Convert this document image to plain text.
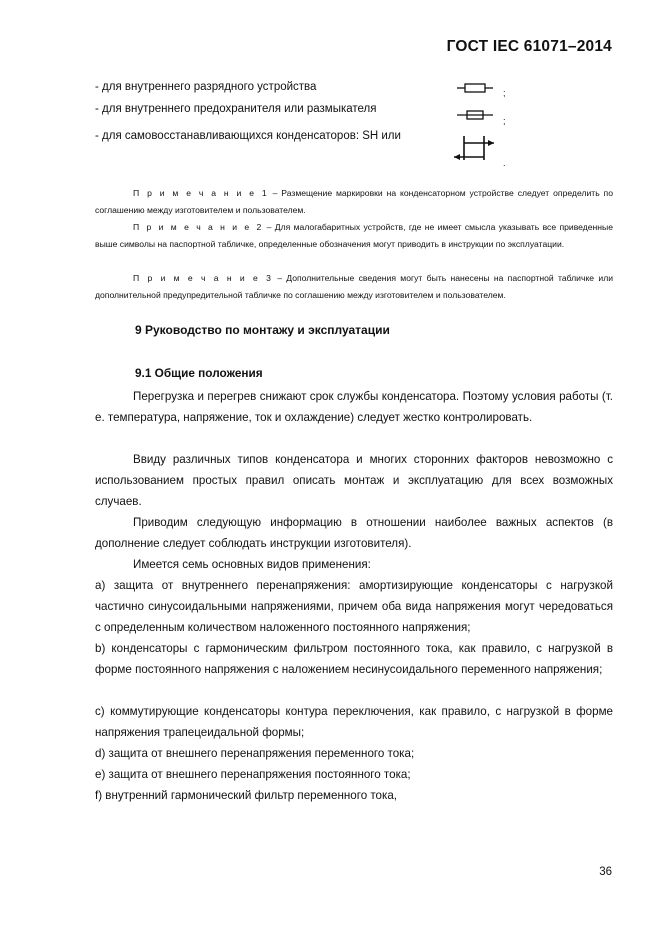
ГОСТ IEC 61071–2014
- для внутреннего разрядного устройства	;
- для внутреннего предохранителя или размыкателя
;
- для самовосстанавливающихся конденсаторов: SH или
.
П р и м е ч а н и е 1 – Размещение маркировки на конденсаторном устройстве следует определить по соглашению между изготовителем и пользователем.
П р и м е ч а н и е 2 – Для малогабаритных устройств, где не имеет смысла указывать все приведенные выше символы на паспортной табличке, определенные обозначения могут приводить в инструкции по эксплуатации.
П р и м е ч а н и е 3 – Дополнительные сведения могут быть нанесены на паспортной табличке или дополнительной предупредительной табличке по соглашению между изготовителем и пользователем.
9 Руководство по монтажу и эксплуатации
9.1 Общие положения
Перегрузка и перегрев снижают срок службы конденсатора. Поэтому условия работы (т. е. температура, напряжение, ток и охлаждение) следует жестко контролировать.
Ввиду различных типов конденсатора и многих сторонних факторов невозможно с использованием простых правил описать монтаж и эксплуатацию для всех возможных случаев.
Приводим следующую информацию в отношении наиболее важных аспектов (в дополнение следует соблюдать инструкции изготовителя).
Имеется семь основных видов применения:
a) защита от внутреннего перенапряжения: амортизирующие конденсаторы с нагрузкой частично синусоидальными напряжениями, причем оба вида напряжения могут чередоваться с определенным количеством наложенного постоянного напряжения;
b) конденсаторы с гармоническим фильтром постоянного тока, как правило, с нагрузкой в форме постоянного напряжения с наложением несинусоидального переменного напряжения;
c) коммутирующие конденсаторы контура переключения, как правило, с нагрузкой в форме напряжения трапецеидальной формы;
d) защита от внешнего перенапряжения переменного тока;
e) защита от внешнего перенапряжения постоянного тока;
f) внутренний гармонический фильтр переменного тока,
36
